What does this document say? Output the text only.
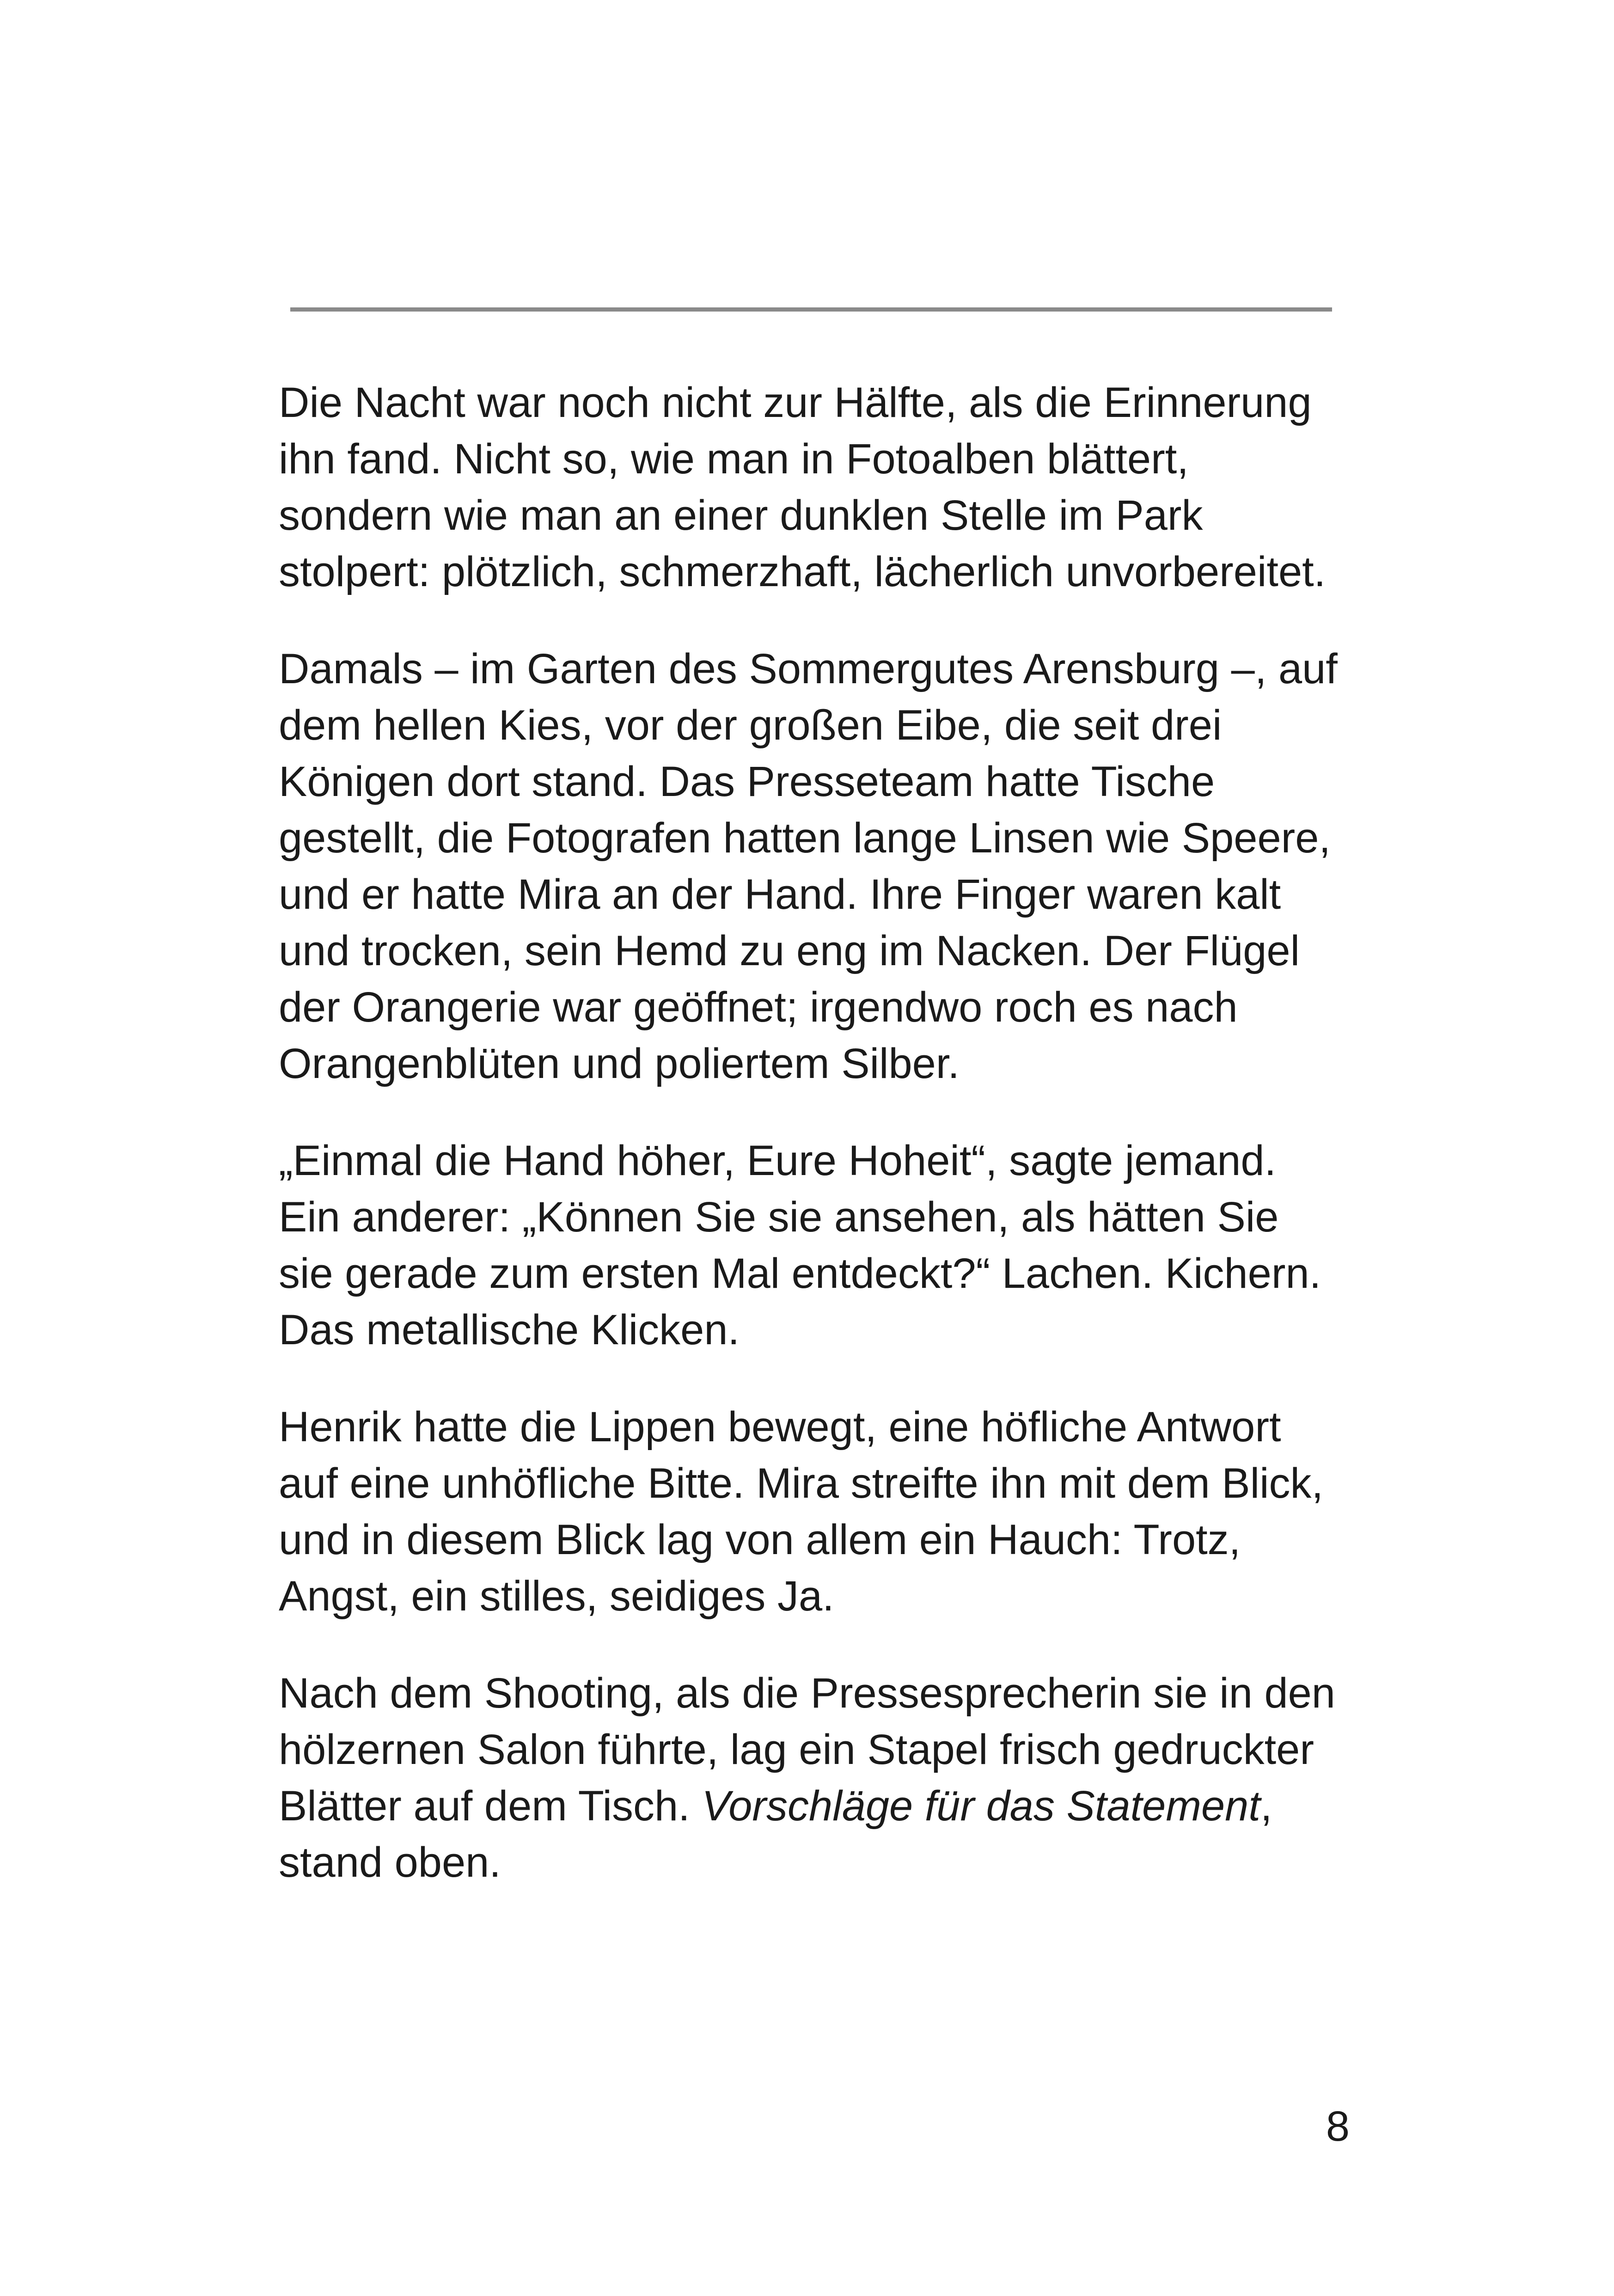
Die Nacht war noch nicht zur Hälfte, als die Erinnerung
ihn fand. Nicht so, wie man in Fotoalben blättert,
sondern wie man an einer dunklen Stelle im Park
stolpert: plötzlich, schmerzhaft, lächerlich unvorbereitet.

Damals – im Garten des Sommergutes Arensburg –, auf
dem hellen Kies, vor der großen Eibe, die seit drei
Königen dort stand. Das Presseteam hatte Tische
gestellt, die Fotografen hatten lange Linsen wie Speere,
und er hatte Mira an der Hand. Ihre Finger waren kalt
und trocken, sein Hemd zu eng im Nacken. Der Flügel
der Orangerie war geöffnet; irgendwo roch es nach
Orangenblüten und poliertem Silber.

„Einmal die Hand höher, Eure Hoheit“, sagte jemand.
Ein anderer: „Können Sie sie ansehen, als hätten Sie
sie gerade zum ersten Mal entdeckt?“ Lachen. Kichern.
Das metallische Klicken.

Henrik hatte die Lippen bewegt, eine höfliche Antwort
auf eine unhöfliche Bitte. Mira streifte ihn mit dem Blick,
und in diesem Blick lag von allem ein Hauch: Trotz,
Angst, ein stilles, seidiges Ja.

Nach dem Shooting, als die Pressesprecherin sie in den
hölzernen Salon führte, lag ein Stapel frisch gedruckter
Blätter auf dem Tisch. Vorschläge für das Statement,
stand oben.

8
